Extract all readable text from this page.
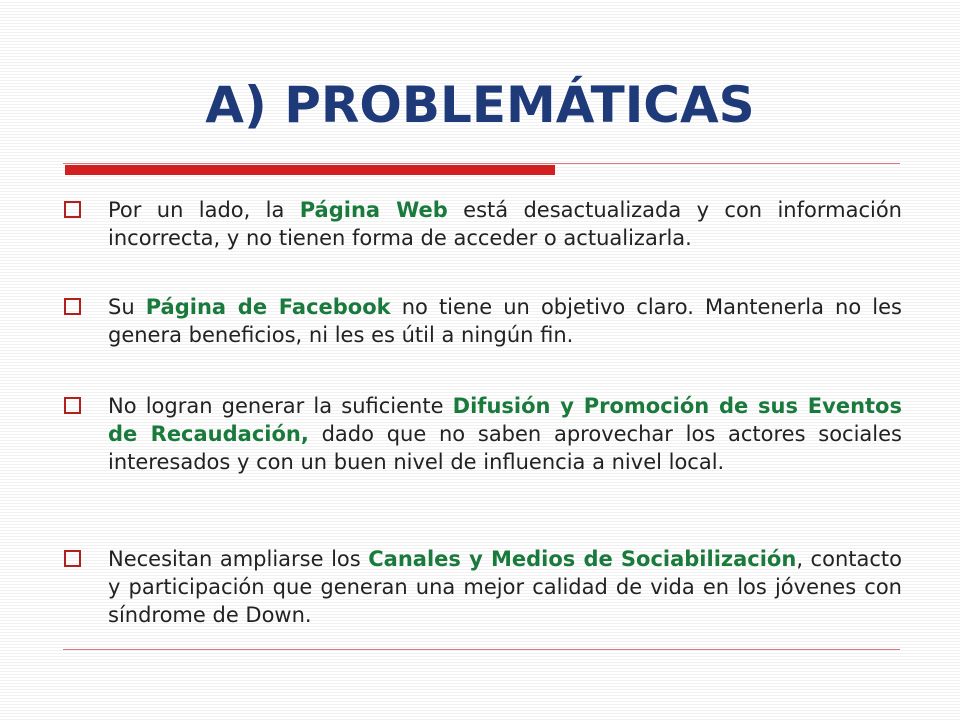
A) PROBLEMÁTICAS
Por un lado, la Página Web está desactualizada y con información incorrecta, y no tienen forma de acceder o actualizarla.
Su Página de Facebook no tiene un objetivo claro. Mantenerla no les genera beneficios, ni les es útil a ningún fin.
No logran generar la suficiente Difusión y Promoción de sus Eventos de Recaudación, dado que no saben aprovechar los actores sociales interesados y con un buen nivel de influencia a nivel local.
Necesitan ampliarse los Canales y Medios de Sociabilización, contacto y participación que generan una mejor calidad de vida en los jóvenes con síndrome de Down.
